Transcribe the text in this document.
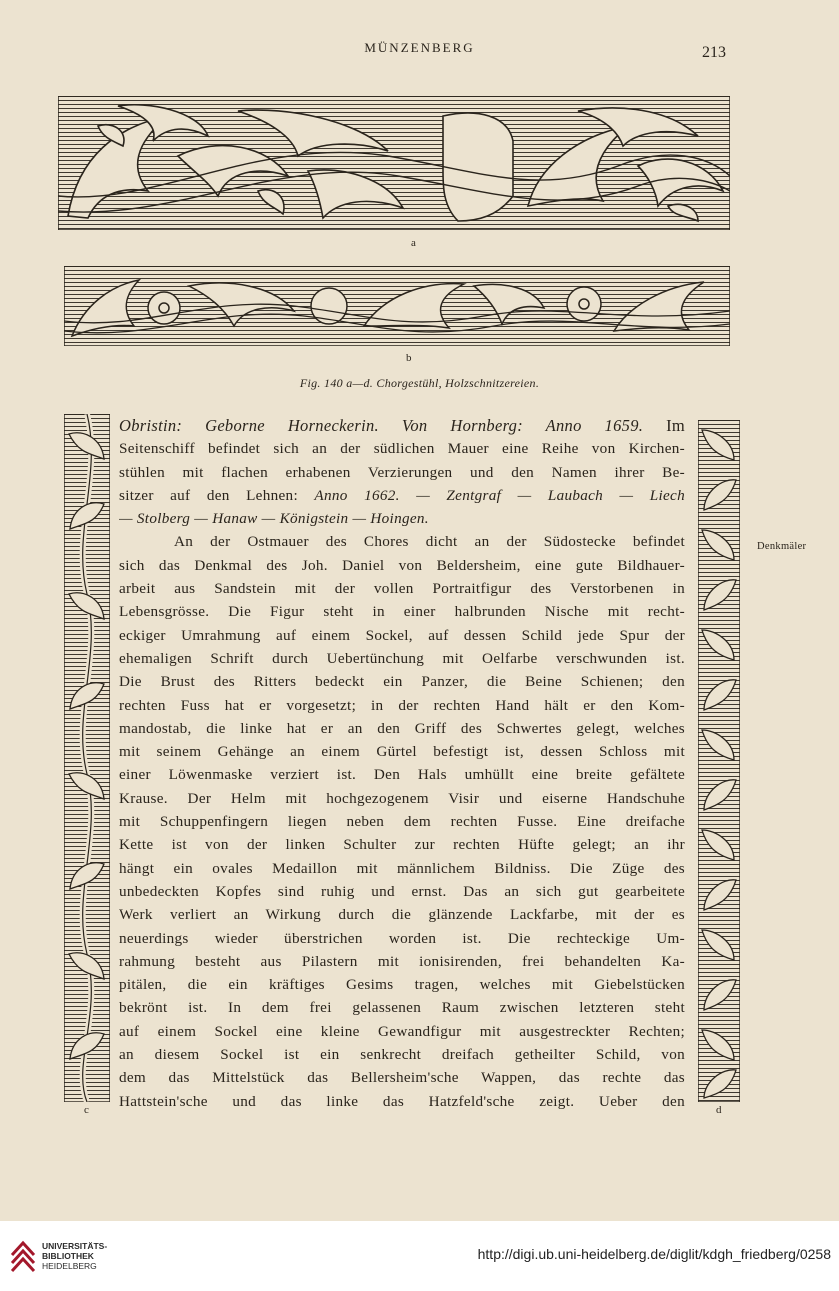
MÜNZENBERG	213
a
b
Fig. 140 a—d. Chorgestühl, Holzschnitzereien.
c	d
Obristin: Geborne Horneckerin. Von Hornberg: Anno 1659. Im
Seitenschiff befindet sich an der südlichen Mauer eine Reihe von Kirchen-
stühlen mit flachen erhabenen Verzierungen und den Namen ihrer Be-
sitzer auf den Lehnen: Anno 1662. — Zentgraf — Laubach — Liech
— Stolberg — Hanaw — Königstein — Hoingen.
An der Ostmauer des Chores dicht an der Südostecke befindet
sich das Denkmal des Joh. Daniel von Beldersheim, eine gute Bildhauer-
arbeit aus Sandstein mit der vollen Portraitfigur des Verstorbenen in
Lebensgrösse. Die Figur steht in einer halbrunden Nische mit recht-
eckiger Umrahmung auf einem Sockel, auf dessen Schild jede Spur der
ehemaligen Schrift durch Uebertünchung mit Oelfarbe verschwunden ist.
Die Brust des Ritters bedeckt ein Panzer, die Beine Schienen; den
rechten Fuss hat er vorgesetzt; in der rechten Hand hält er den Kom-
mandostab, die linke hat er an den Griff des Schwertes gelegt, welches
mit seinem Gehänge an einem Gürtel befestigt ist, dessen Schloss mit
einer Löwenmaske verziert ist. Den Hals umhüllt eine breite gefältete
Krause. Der Helm mit hochgezogenem Visir und eiserne Handschuhe
mit Schuppenfingern liegen neben dem rechten Fusse. Eine dreifache
Kette ist von der linken Schulter zur rechten Hüfte gelegt; an ihr
hängt ein ovales Medaillon mit männlichem Bildniss. Die Züge des
unbedeckten Kopfes sind ruhig und ernst. Das an sich gut gearbeitete
Werk verliert an Wirkung durch die glänzende Lackfarbe, mit der es
neuerdings wieder überstrichen worden ist. Die rechteckige Um-
rahmung besteht aus Pilastern mit ionisirenden, frei behandelten Ka-
pitälen, die ein kräftiges Gesims tragen, welches mit Giebelstücken
bekrönt ist. In dem frei gelassenen Raum zwischen letzteren steht
auf einem Sockel eine kleine Gewandfigur mit ausgestreckter Rechten;
an diesem Sockel ist ein senkrecht dreifach getheilter Schild, von
dem das Mittelstück das Bellersheim'sche Wappen, das rechte das
Hattstein'sche und das linke das Hatzfeld'sche zeigt. Ueber den
Denkmäler
UNIVERSITÄTS-
BIBLIOTHEK
HEIDELBERG
http://digi.ub.uni-heidelberg.de/diglit/kdgh_friedberg/0258
